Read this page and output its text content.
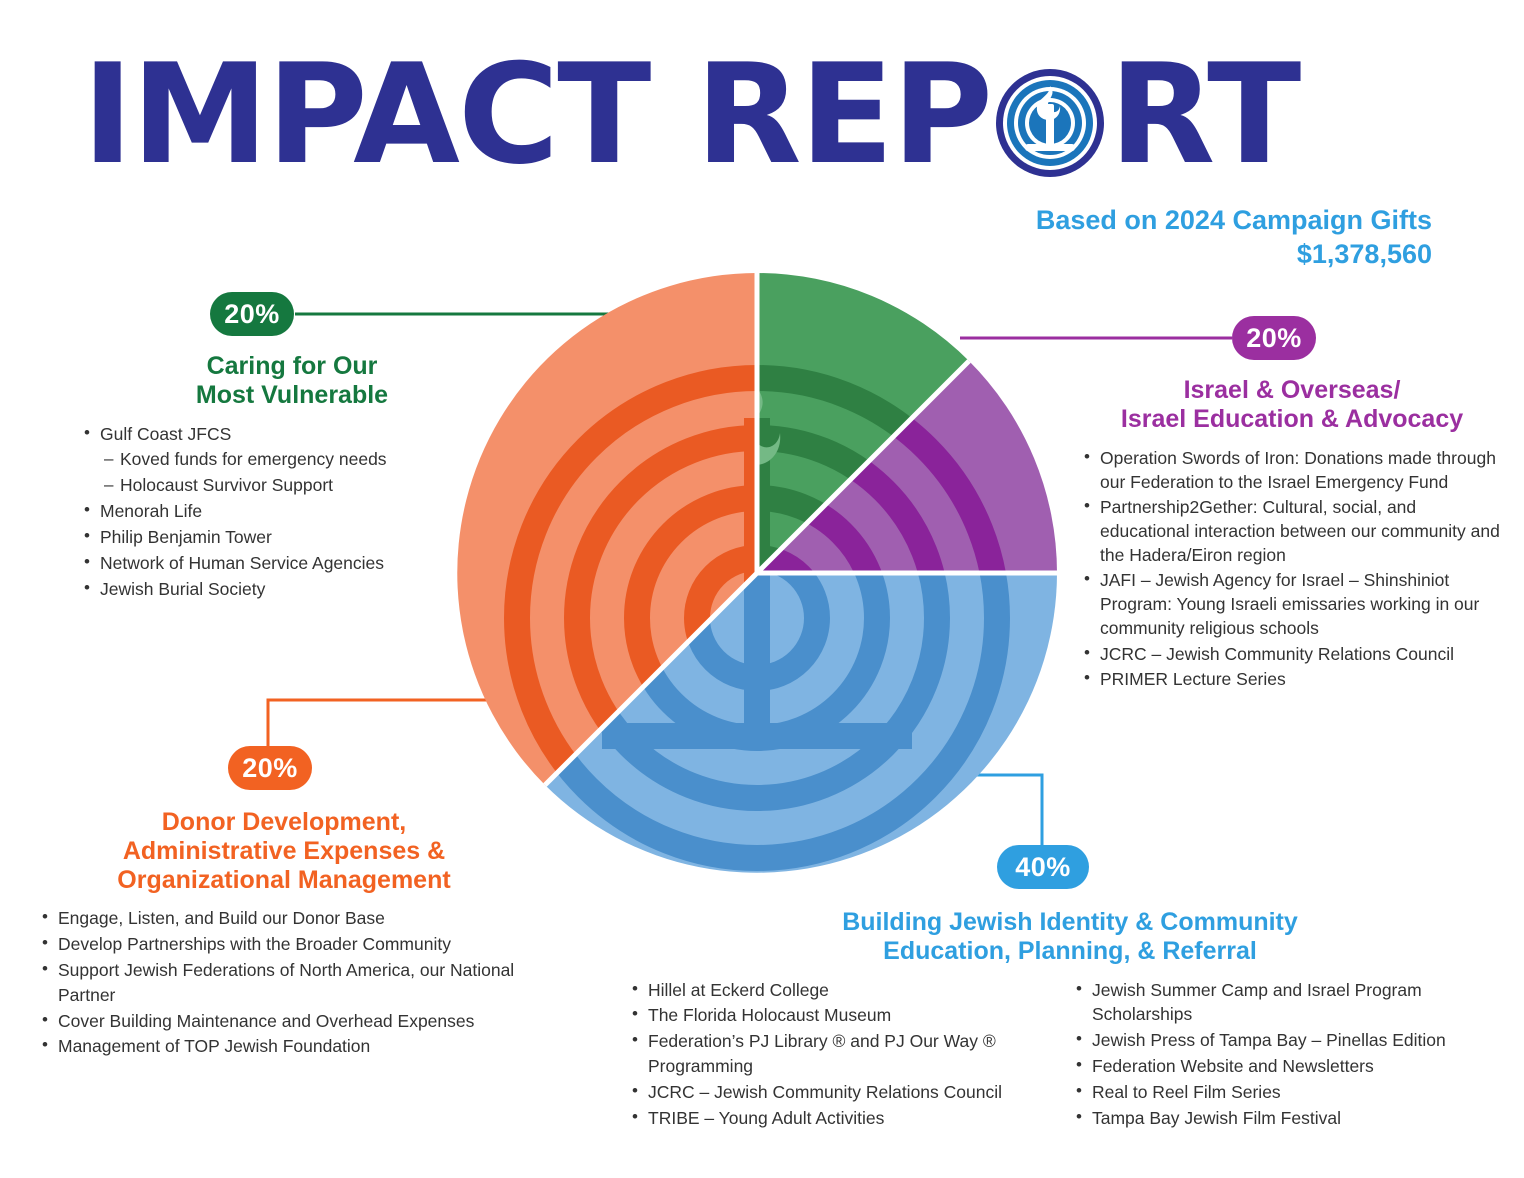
IMPACT REP RT
Based on 2024 Campaign Gifts
$1,378,560
20%
20%
20%
40%
Caring for Our
Most Vulnerable
• Gulf Coast JFCS
– Koved funds for emergency needs
– Holocaust Survivor Support
• Menorah Life
• Philip Benjamin Tower
• Network of Human Service Agencies
• Jewish Burial Society
Israel & Overseas/
Israel Education & Advocacy
• Operation Swords of Iron: Donations made through our Federation to the Israel Emergency Fund
• Partnership2Gether: Cultural, social, and educational interaction between our community and the Hadera/Eiron region
• JAFI – Jewish Agency for Israel – Shinshiniot Program: Young Israeli emissaries working in our community religious schools
• JCRC – Jewish Community Relations Council
• PRIMER Lecture Series
Donor Development,
Administrative Expenses &
Organizational Management
• Engage, Listen, and Build our Donor Base
• Develop Partnerships with the Broader Community
• Support Jewish Federations of North America, our National Partner
• Cover Building Maintenance and Overhead Expenses
• Management of TOP Jewish Foundation
Building Jewish Identity & Community
Education, Planning, & Referral
• Hillel at Eckerd College
• The Florida Holocaust Museum
• Federation’s PJ Library ® and PJ Our Way ® Programming
• JCRC – Jewish Community Relations Council
• TRIBE – Young Adult Activities
• Jewish Summer Camp and Israel Program Scholarships
• Jewish Press of Tampa Bay – Pinellas Edition
• Federation Website and Newsletters
• Real to Reel Film Series
• Tampa Bay Jewish Film Festival
